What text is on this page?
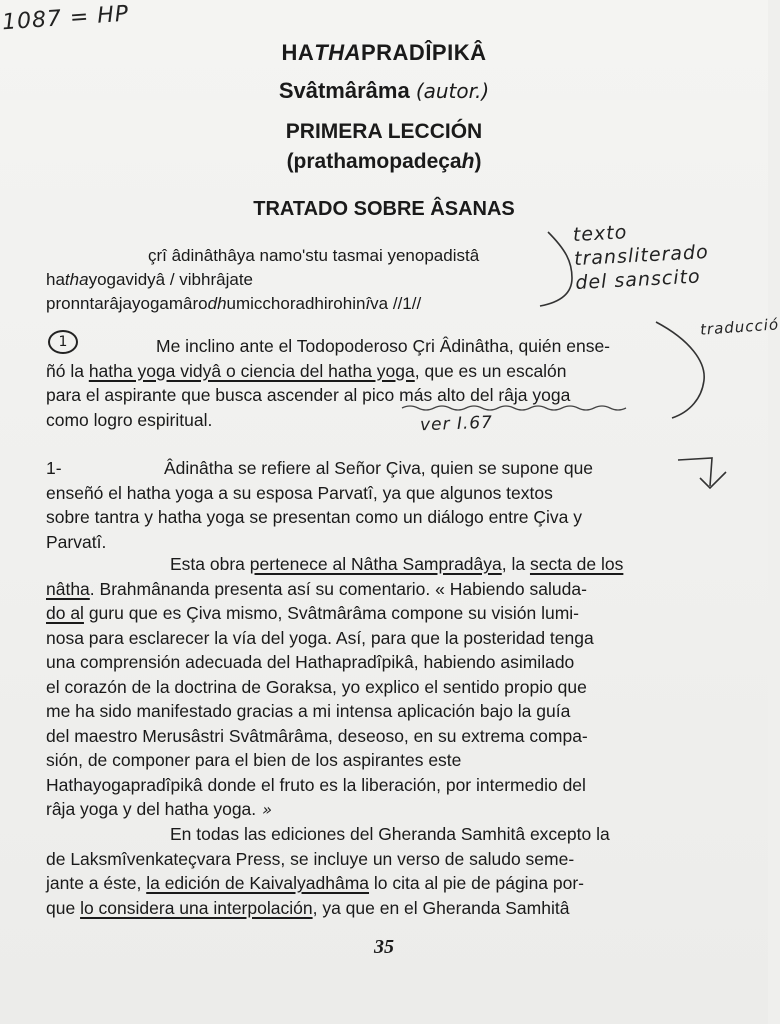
1087 = HP
HATHAPRADÎPIKÂ
Svâtmârâma (autor.)
PRIMERA LECCIÓN
(prathamopadeçah)
TRATADO SOBRE ÂSANAS
çrî âdinâthâya namo'stu tasmai yenopadistâ
hathayogavidyâ / vibhrâjate
pronntarâjayogamârodhumicchoradhirohinîva //1//
texto transliterado
del sanscito
traducció
1	Me inclino ante el Todopoderoso Çri Âdinâtha, quién ense-
ñó la hatha yoga vidyâ o ciencia del hatha yoga, que es un escalón
para el aspirante que busca ascender al pico más alto del râja yoga
como logro espiritual.	ver I.67
1-	Âdinâtha se refiere al Señor Çiva, quien se supone que
enseñó el hatha yoga a su esposa Parvatî, ya que algunos textos
sobre tantra y hatha yoga se presentan como un diálogo entre Çiva y
Parvatî.
Esta obra pertenece al Nâtha Sampradâya, la secta de los
nâtha. Brahmânanda presenta así su comentario. « Habiendo saluda-
do al guru que es Çiva mismo, Svâtmârâma compone su visión lumi-
nosa para esclarecer la vía del yoga. Así, para que la posteridad tenga
una comprensión adecuada del Hathapradîpikâ, habiendo asimilado
el corazón de la doctrina de Goraksa, yo explico el sentido propio que
me ha sido manifestado gracias a mi intensa aplicación bajo la guía
del maestro Merusâstri Svâtmârâma, deseoso, en su extrema compa-
sión, de componer para el bien de los aspirantes este
Hathayogapradîpikâ donde el fruto es la liberación, por intermedio del
râja yoga y del hatha yoga. »
En todas las ediciones del Gheranda Samhitâ excepto la
de Laksmîvenkateçvara Press, se incluye un verso de saludo seme-
jante a éste, la edición de Kaivalyadhâma lo cita al pie de página por-
que lo considera una interpolación, ya que en el Gheranda Samhitâ
35
